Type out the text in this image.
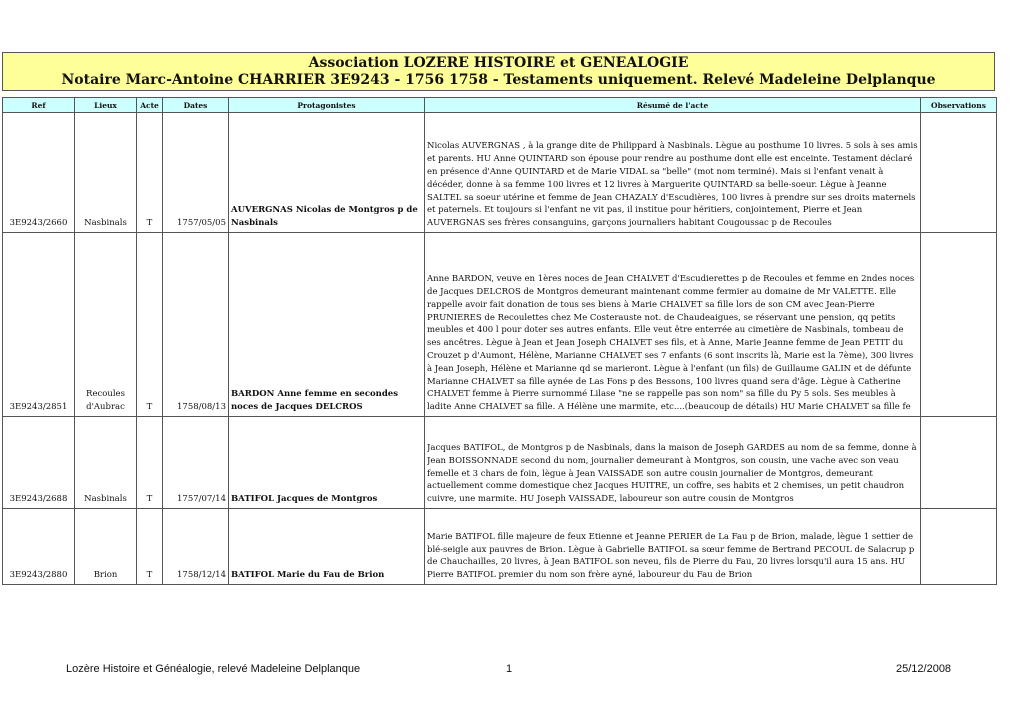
Association LOZERE HISTOIRE et GENEALOGIE
Notaire Marc-Antoine CHARRIER 3E9243 - 1756 1758 - Testaments uniquement. Relevé Madeleine Delplanque
Ref	Lieux	Acte	Dates	Protagonistes	Résumé de l'acte	Observations
3E9243/2660	Nasbinals	T	1757/05/05	AUVERGNAS Nicolas de Montgros p de Nasbinals	Nicolas AUVERGNAS , à la grange dite de Philippard à Nasbinals. Lègue au posthume 10 livres. 5 sols à ses amis et parents. HU Anne QUINTARD son épouse pour rendre au posthume dont elle est enceinte. Testament déclaré en présence d'Anne QUINTARD et de Marie VIDAL sa "belle" (mot nom terminé). Mais si l'enfant venait à décéder, donne à sa femme 100 livres et 12 livres à Marguerite QUINTARD sa belle-soeur. Lègue à Jeanne SALTEL sa soeur utérine et femme de Jean CHAZALY d'Escudières, 100 livres à prendre sur ses droits maternels et paternels. Et toujours si l'enfant ne vit pas, il institue pour héritiers, conjointement, Pierre et Jean AUVERGNAS ses frères consanguins, garçons journaliers habitant Cougoussac p de Recoules	

3E9243/2851	Recoules d'Aubrac	T	1758/08/13	BARDON Anne femme en secondes noces de Jacques DELCROS	Anne BARDON, veuve en 1ères noces de Jean CHALVET d'Escudierettes p de Recoules et femme en 2ndes noces de Jacques DELCROS de Montgros demeurant maintenant comme fermier au domaine de Mr VALETTE. Elle rappelle avoir fait donation de tous ses biens à Marie CHALVET sa fille lors de son CM avec Jean-Pierre PRUNIERES de Recoulettes chez Me Costerauste not. de Chaudeaigues, se réservant une pension, qq petits meubles et 400 l pour doter ses autres enfants. Elle veut être enterrée au cimetière de Nasbinals, tombeau de ses ancêtres. Lègue à Jean et Jean Joseph CHALVET ses fils, et à Anne, Marie Jeanne femme de Jean PETIT du Crouzet p d'Aumont, Hélène, Marianne CHALVET ses 7 enfants (6 sont inscrits là, Marie est la 7ème), 300 livres à Jean Joseph, Hélène et Marianne qd se marieront. Lègue à l'enfant (un fils) de Guillaume GALIN et de défunte Marianne CHALVET sa fille aynée de Las Fons p des Bessons, 100 livres quand sera d'âge. Lègue à Catherine CHALVET femme à Pierre surnommé Lilase "ne se rappelle pas son nom" sa fille du Py 5 sols. Ses meubles à ladite Anne CHALVET sa fille. A Hélène une marmite, etc....(beaucoup de détails) HU Marie CHALVET sa fille fe	

3E9243/2688	Nasbinals	T	1757/07/14	BATIFOL Jacques de Montgros	Jacques BATIFOL, de Montgros p de Nasbinals, dans la maison de Joseph GARDES au nom de sa femme, donne à Jean BOISSONNADE second du nom, journalier demeurant à Montgros, son cousin, une vache avec son veau femelle et 3 chars de foin, lègue à Jean VAISSADE son autre cousin journalier de Montgros, demeurant actuellement comme domestique chez Jacques HUITRE, un coffre, ses habits et 2 chemises, un petit chaudron cuivre, une marmite. HU Joseph VAISSADE, laboureur son autre cousin de Montgros	

3E9243/2880	Brion	T	1758/12/14	BATIFOL Marie du Fau de Brion	Marie BATIFOL fille majeure de feux Etienne et Jeanne PERIER de La Fau p de Brion, malade, lègue 1 settier de blé-seigle aux pauvres de Brion. Lègue à Gabrielle BATIFOL sa sœur femme de Bertrand PECOUL de Salacrup p de Chauchailles, 20 livres, à Jean BATIFOL son neveu, fils de Pierre du Fau, 20 livres lorsqu'il aura 15 ans. HU Pierre BATIFOL premier du nom son frère ayné, laboureur du Fau de Brion	

Lozère Histoire et Généalogie, relevé Madeleine Delplanque	1	25/12/2008
